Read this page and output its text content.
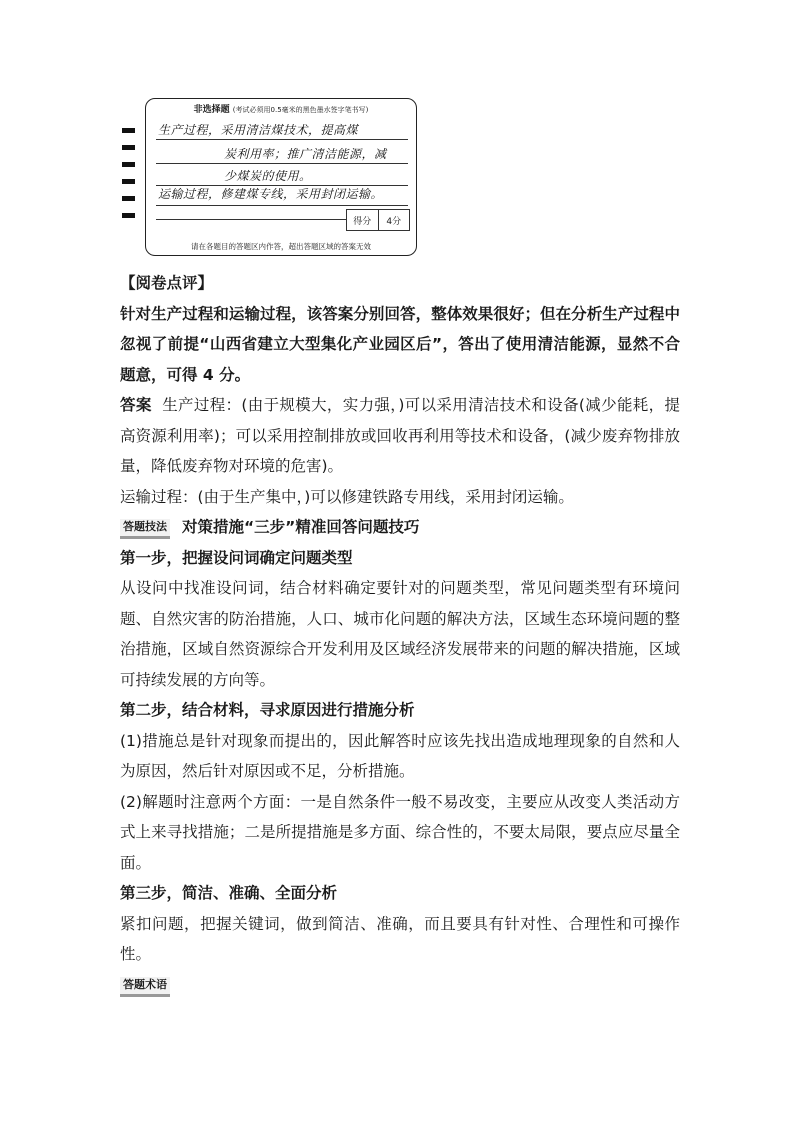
非选择题 (考试必须用0.5毫米的黑色墨水签字笔书写)
生产过程，采用清洁煤技术，提高煤
炭利用率；推广清洁能源，减
少煤炭的使用。
运输过程，修建煤专线，采用封闭运输。
得分	4分
请在各题目的答题区内作答，超出答题区域的答案无效

【阅卷点评】

针对生产过程和运输过程，该答案分别回答，整体效果很好；但在分析生产过程中忽视了前提“山西省建立大型集化产业园区后”，答出了使用清洁能源，显然不合题意，可得 4 分。

答案 生产过程：(由于规模大，实力强，)可以采用清洁技术和设备(减少能耗，提高资源利用率)；可以采用控制排放或回收再利用等技术和设备，(减少废弃物排放量，降低废弃物对环境的危害)。

运输过程：(由于生产集中，)可以修建铁路专用线，采用封闭运输。

答题技法 对策措施“三步”精准回答问题技巧

第一步，把握设问词确定问题类型

从设问中找准设问词，结合材料确定要针对的问题类型，常见问题类型有环境问题、自然灾害的防治措施，人口、城市化问题的解决方法，区域生态环境问题的整治措施，区域自然资源综合开发利用及区域经济发展带来的问题的解决措施，区域可持续发展的方向等。

第二步，结合材料，寻求原因进行措施分析

(1)措施总是针对现象而提出的，因此解答时应该先找出造成地理现象的自然和人为原因，然后针对原因或不足，分析措施。

(2)解题时注意两个方面：一是自然条件一般不易改变，主要应从改变人类活动方式上来寻找措施；二是所提措施是多方面、综合性的，不要太局限，要点应尽量全面。

第三步，简洁、准确、全面分析

紧扣问题，把握关键词，做到简洁、准确，而且要具有针对性、合理性和可操作性。

答题术语
